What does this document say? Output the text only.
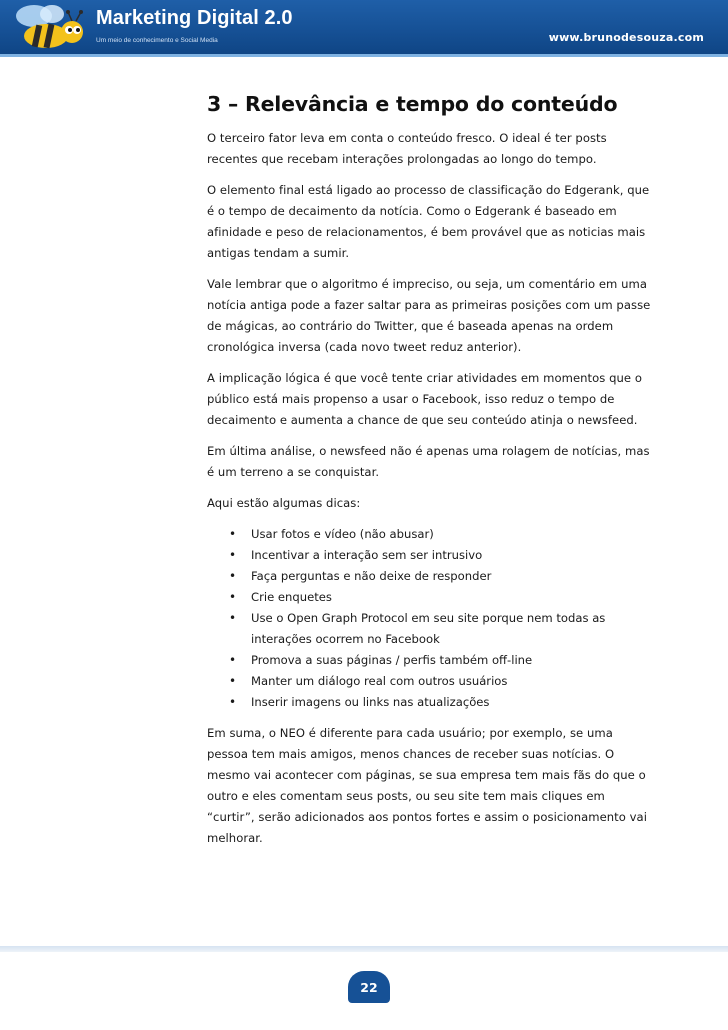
Marketing Digital 2.0
Um meio de conhecimento e Social Media	www.brunodesouza.com
3 – Relevância e tempo do conteúdo

O terceiro fator leva em conta o conteúdo fresco. O ideal é ter posts recentes que recebam interações prolongadas ao longo do tempo.

O elemento final está ligado ao processo de classificação do Edgerank, que é o tempo de decaimento da notícia. Como o Edgerank é baseado em afinidade e peso de relacionamentos, é bem provável que as noticias mais antigas tendam a sumir.

Vale lembrar que o algoritmo é impreciso, ou seja, um comentário em uma notícia antiga pode a fazer saltar para as primeiras posições com um passe de mágicas, ao contrário do Twitter, que é baseada apenas na ordem cronológica inversa (cada novo tweet reduz anterior).

A implicação lógica é que você tente criar atividades em momentos que o público está mais propenso a usar o Facebook, isso reduz o tempo de decaimento e aumenta a chance de que seu conteúdo atinja o newsfeed.

Em última análise, o newsfeed não é apenas uma rolagem de notícias, mas é um terreno a se conquistar.

Aqui estão algumas dicas:

• Usar fotos e vídeo (não abusar)
• Incentivar a interação sem ser intrusivo
• Faça perguntas e não deixe de responder
• Crie enquetes
• Use o Open Graph Protocol em seu site porque nem todas as interações ocorrem no Facebook
• Promova a suas páginas / perfis também off-line
• Manter um diálogo real com outros usuários
• Inserir imagens ou links nas atualizações

Em suma, o NEO é diferente para cada usuário; por exemplo, se uma pessoa tem mais amigos, menos chances de receber suas notícias. O mesmo vai acontecer com páginas, se sua empresa tem mais fãs do que o outro e eles comentam seus posts, ou seu site tem mais cliques em “curtir”, serão adicionados aos pontos fortes e assim o posicionamento vai melhorar.

22
